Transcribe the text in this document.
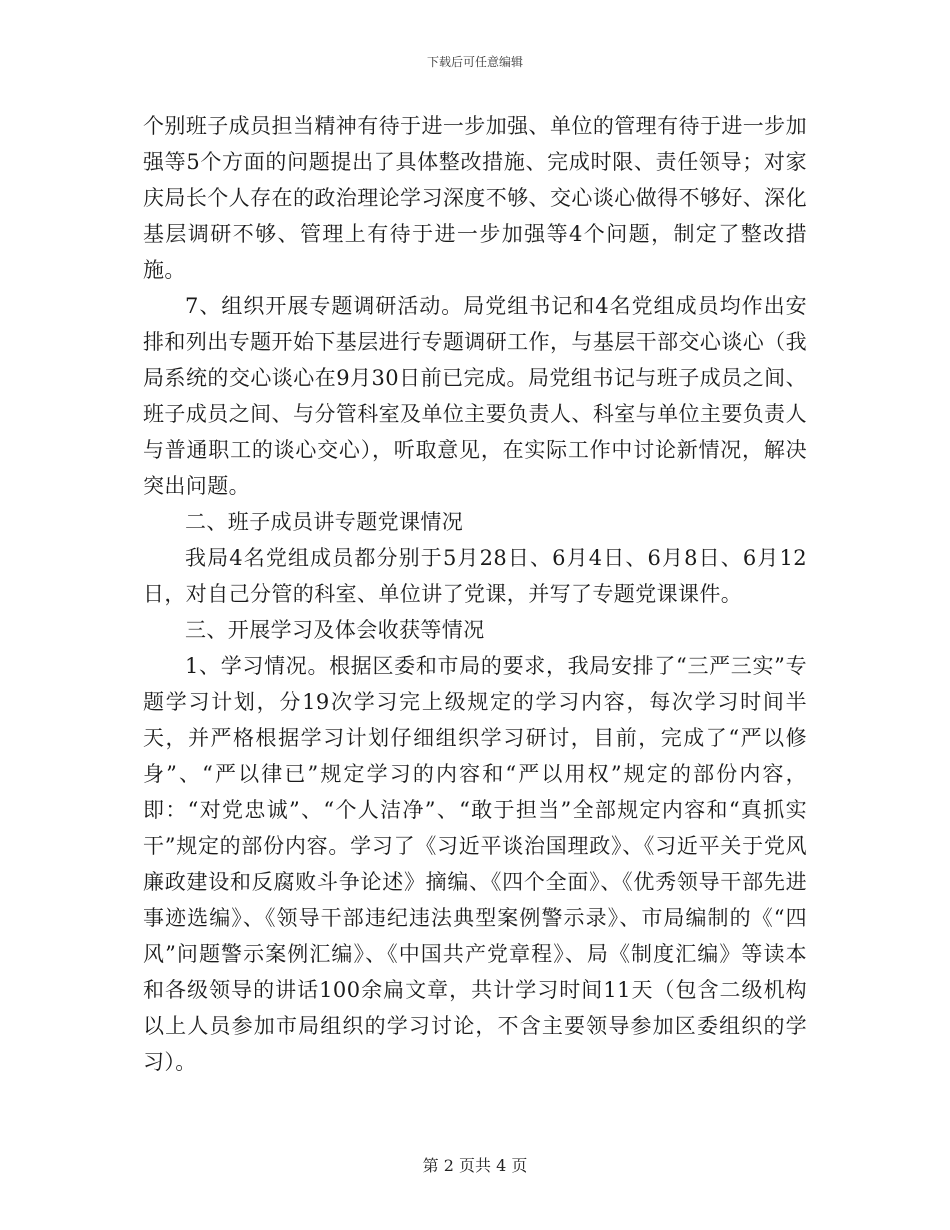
下载后可任意编辑

个别班子成员担当精神有待于进一步加强、单位的管理有待于进一步加强等5个方面的问题提出了具体整改措施、完成时限、责任领导；对家庆局长个人存在的政治理论学习深度不够、交心谈心做得不够好、深化基层调研不够、管理上有待于进一步加强等4个问题，制定了整改措施。

7、组织开展专题调研活动。局党组书记和4名党组成员均作出安排和列出专题开始下基层进行专题调研工作，与基层干部交心谈心（我局系统的交心谈心在9月30日前已完成。局党组书记与班子成员之间、班子成员之间、与分管科室及单位主要负责人、科室与单位主要负责人与普通职工的谈心交心），听取意见，在实际工作中讨论新情况，解决突出问题。

二、班子成员讲专题党课情况

我局4名党组成员都分别于5月28日、6月4日、6月8日、6月12日，对自己分管的科室、单位讲了党课，并写了专题党课课件。

三、开展学习及体会收获等情况

1、学习情况。根据区委和市局的要求，我局安排了“三严三实”专题学习计划，分19次学习完上级规定的学习内容，每次学习时间半天，并严格根据学习计划仔细组织学习研讨，目前，完成了“严以修身”、“严以律已”规定学习的内容和“严以用权”规定的部份内容，即：“对党忠诚”、“个人洁净”、“敢于担当”全部规定内容和“真抓实干”规定的部份内容。学习了《习近平谈治国理政》、《习近平关于党风廉政建设和反腐败斗争论述》摘编、《四个全面》、《优秀领导干部先进事迹选编》、《领导干部违纪违法典型案例警示录》、市局编制的《“四风”问题警示案例汇编》、《中国共产党章程》、局《制度汇编》等读本和各级领导的讲话100余扁文章，共计学习时间11天（包含二级机构以上人员参加市局组织的学习讨论，不含主要领导参加区委组织的学习）。

第 2 页共 4 页
